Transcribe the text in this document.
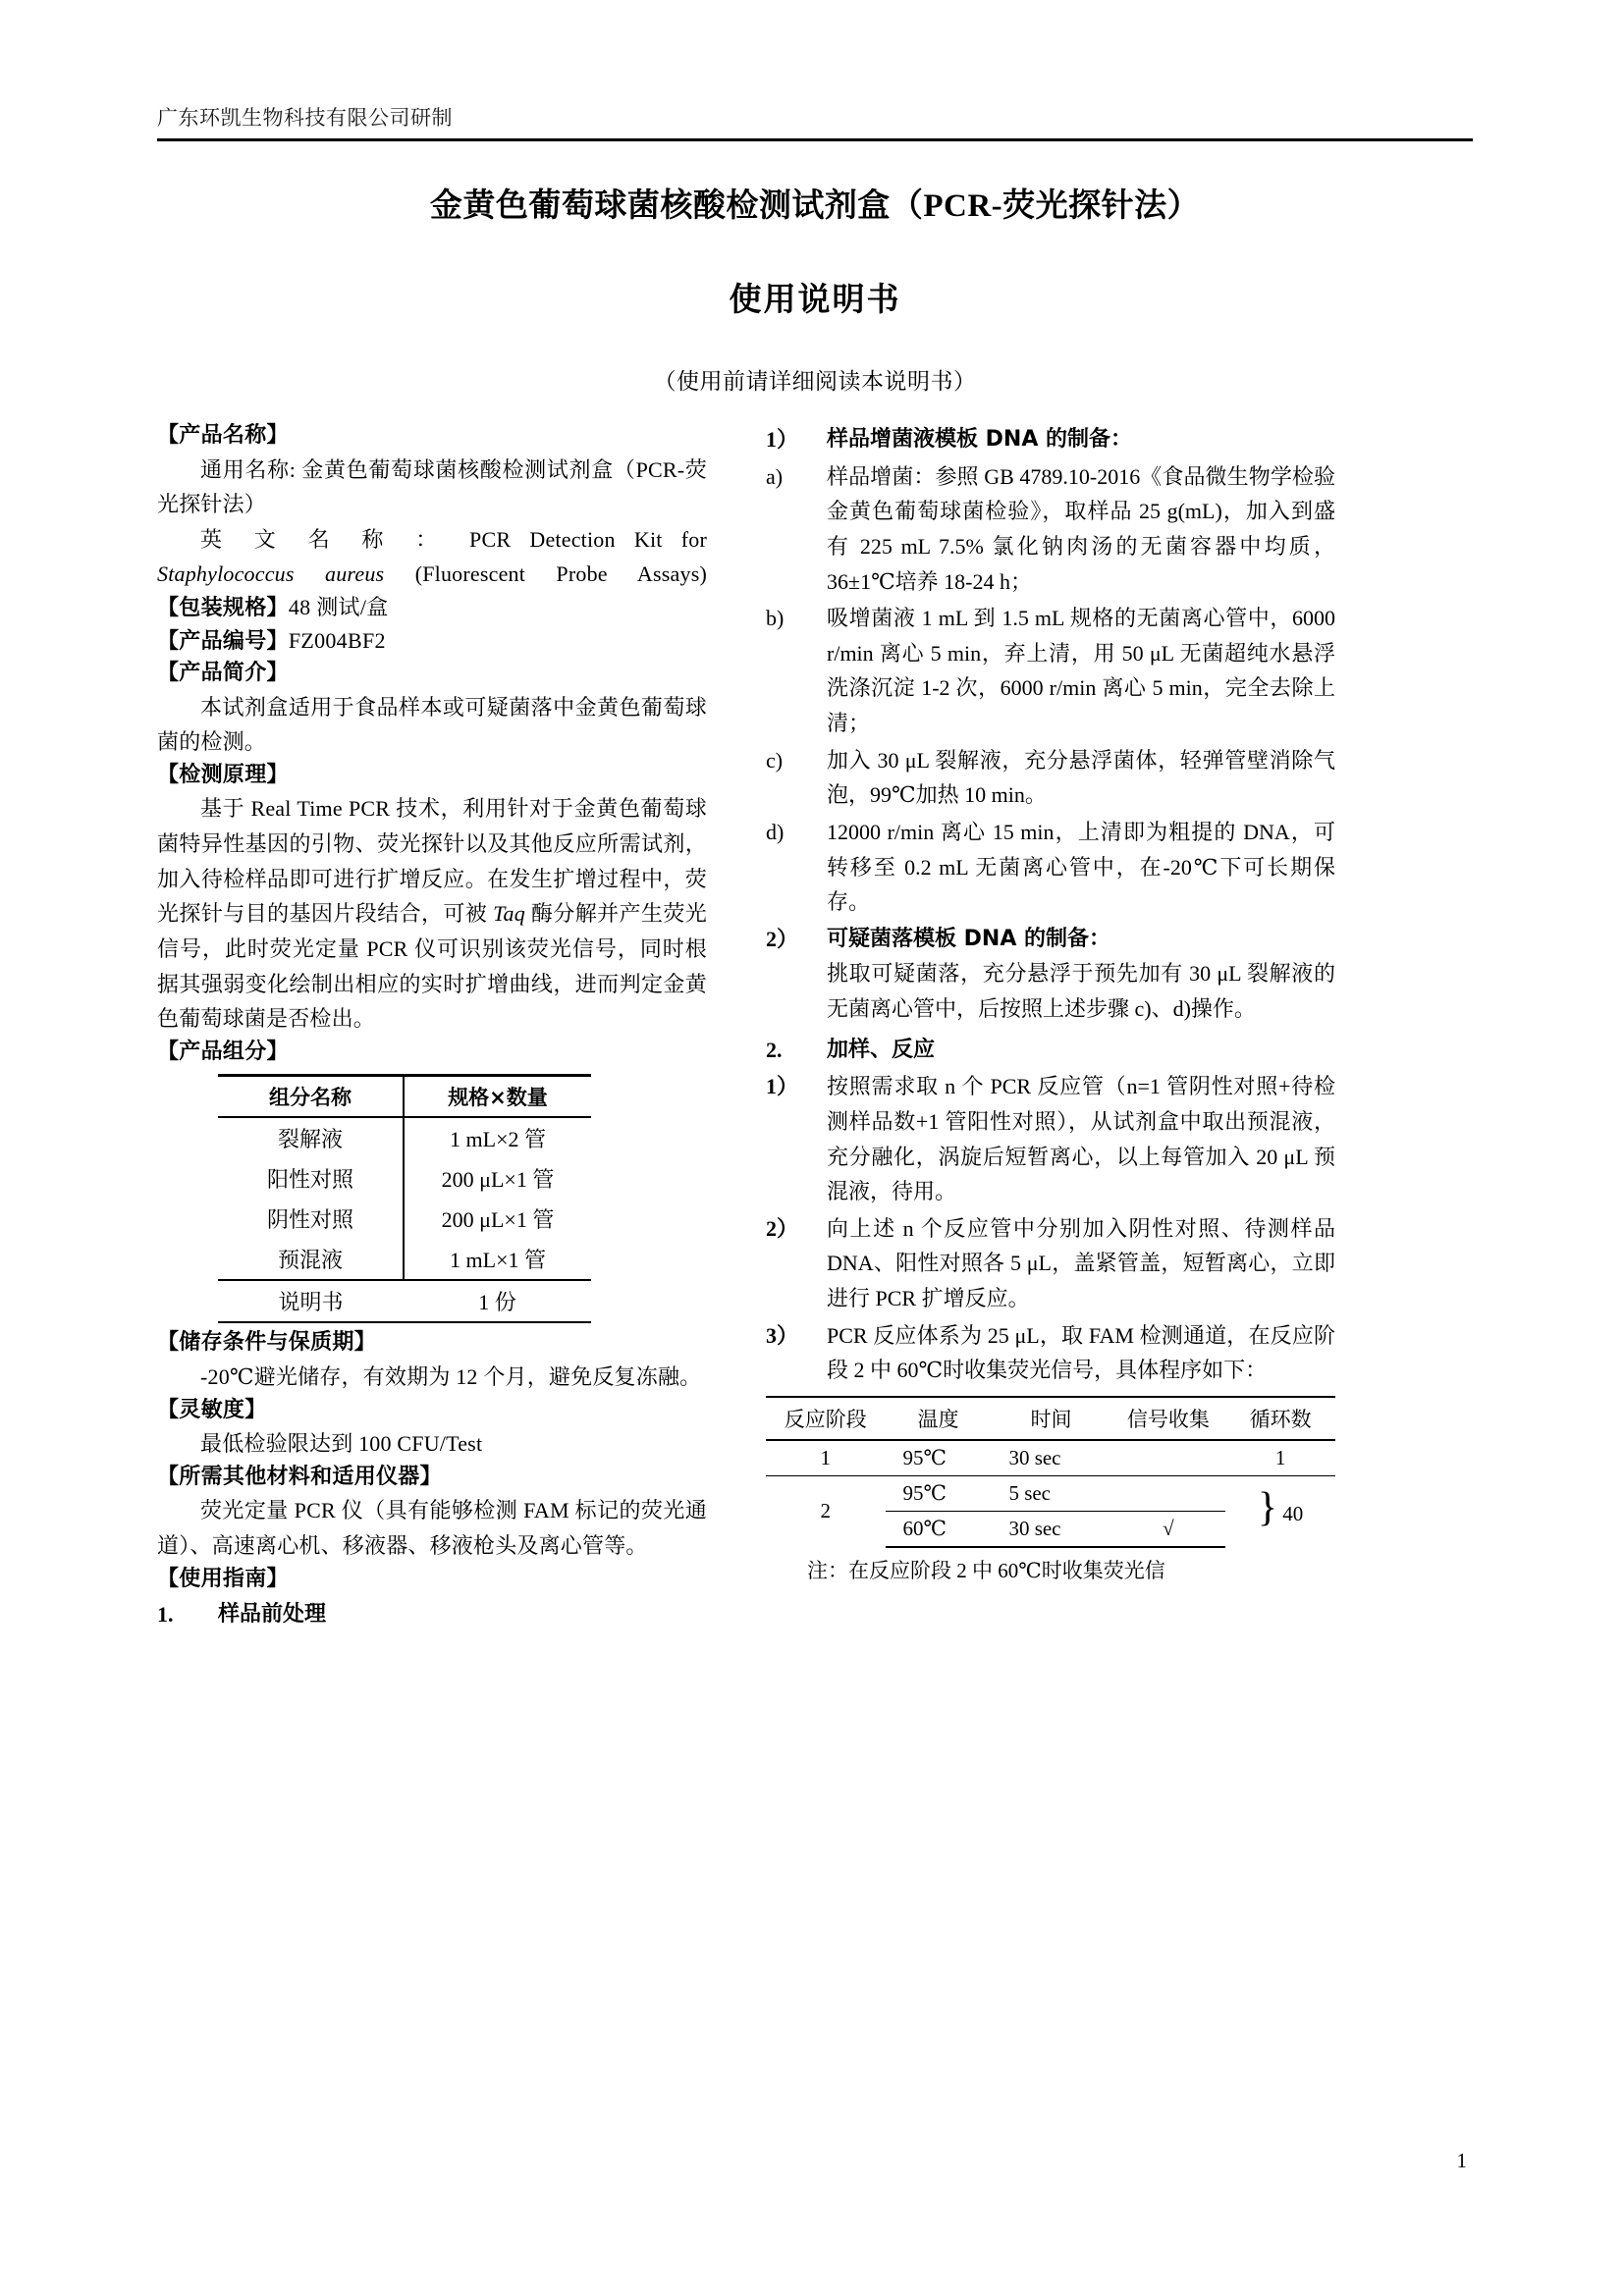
广东环凯生物科技有限公司研制
金黄色葡萄球菌核酸检测试剂盒（PCR-荧光探针法）
使用说明书
（使用前请详细阅读本说明书）
【产品名称】
通用名称: 金黄色葡萄球菌核酸检测试剂盒（PCR-荧光探针法）
英 文 名 称 ： PCR Detection Kit for
Staphylococcus aureus (Fluorescent Probe Assays)
【包装规格】48 测试/盒
【产品编号】FZ004BF2
【产品简介】
本试剂盒适用于食品样本或可疑菌落中金黄色葡萄球菌的检测。
【检测原理】
基于 Real Time PCR 技术，利用针对于金黄色葡萄球菌特异性基因的引物、荧光探针以及其他反应所需试剂，加入待检样品即可进行扩增反应。在发生扩增过程中，荧光探针与目的基因片段结合，可被 Taq 酶分解并产生荧光信号，此时荧光定量 PCR 仪可识别该荧光信号，同时根据其强弱变化绘制出相应的实时扩增曲线，进而判定金黄色葡萄球菌是否检出。
【产品组分】
组分名称	规格×数量
裂解液	1 mL×2 管
阳性对照	200 μL×1 管
阴性对照	200 μL×1 管
预混液	1 mL×1 管
说明书	1 份
【储存条件与保质期】
-20℃避光储存，有效期为 12 个月，避免反复冻融。
【灵敏度】
最低检验限达到 100 CFU/Test
【所需其他材料和适用仪器】
荧光定量 PCR 仪（具有能够检测 FAM 标记的荧光通道）、高速离心机、移液器、移液枪头及离心管等。
【使用指南】
1.	样品前处理
1）	样品增菌液模板 DNA 的制备：
a)	样品增菌：参照 GB 4789.10-2016《食品微生物学检验金黄色葡萄球菌检验》，取样品 25 g(mL)，加入到盛有 225 mL 7.5% 氯化钠肉汤的无菌容器中均质，36±1℃培养 18-24 h；
b)	吸增菌液 1 mL 到 1.5 mL 规格的无菌离心管中，6000 r/min 离心 5 min，弃上清，用 50 μL 无菌超纯水悬浮洗涤沉淀 1-2 次，6000 r/min 离心 5 min，完全去除上清；
c)	加入 30 μL 裂解液，充分悬浮菌体，轻弹管壁消除气泡，99℃加热 10 min。
d)	12000 r/min 离心 15 min，上清即为粗提的 DNA，可转移至 0.2 mL 无菌离心管中，在-20℃下可长期保存。
2）	可疑菌落模板 DNA 的制备：
挑取可疑菌落，充分悬浮于预先加有 30 μL 裂解液的无菌离心管中，后按照上述步骤 c)、d)操作。
2.	加样、反应
1）	按照需求取 n 个 PCR 反应管（n=1 管阴性对照+待检测样品数+1 管阳性对照），从试剂盒中取出预混液，充分融化，涡旋后短暂离心，以上每管加入 20 μL 预混液，待用。
2）	向上述 n 个反应管中分别加入阴性对照、待测样品 DNA、阳性对照各 5 μL，盖紧管盖，短暂离心，立即进行 PCR 扩增反应。
3）	PCR 反应体系为 25 μL，取 FAM 检测通道，在反应阶段 2 中 60℃时收集荧光信号，具体程序如下：
反应阶段	温度	时间	信号收集	循环数
1	95℃	30 sec		1
2	95℃	5 sec		} 40
	60℃	30 sec	√	
注：在反应阶段 2 中 60℃时收集荧光信
1
